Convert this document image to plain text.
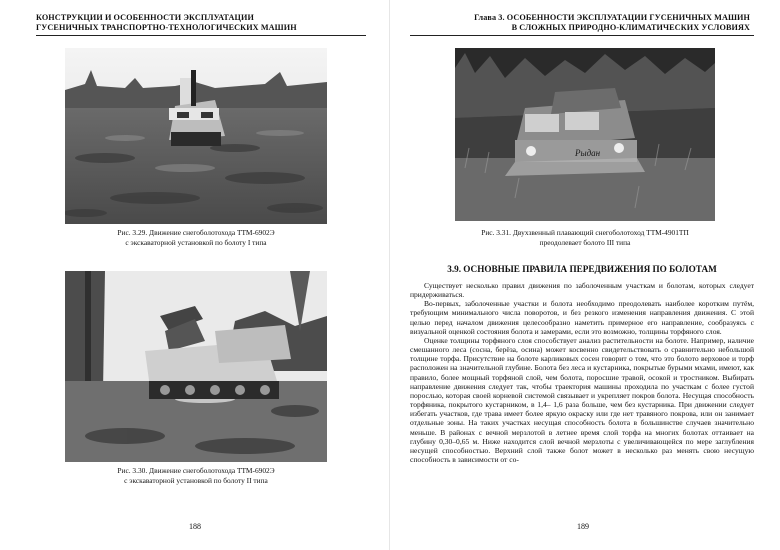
КОНСТРУКЦИИ И ОСОБЕННОСТИ ЭКСПЛУАТАЦИИ
ГУСЕНИЧНЫХ ТРАНСПОРТНО-ТЕХНОЛОГИЧЕСКИХ МАШИН
Рис. 3.29. Движение снегоболотохода ТТМ-6902Э
с экскаваторной установкой по болоту I типа
Рис. 3.30. Движение снегоболотохода ТТМ-6902Э
с экскаваторной установкой по болоту II типа
188
Глава 3. ОСОБЕННОСТИ ЭКСПЛУАТАЦИИ ГУСЕНИЧНЫХ МАШИН
В СЛОЖНЫХ ПРИРОДНО-КЛИМАТИЧЕСКИХ УСЛОВИЯХ
Рыдан
Рис. 3.31. Двухзвенный плавающий снегоболотоход ТТМ-4901ТП
преодолевает болото III типа
3.9. ОСНОВНЫЕ ПРАВИЛА ПЕРЕДВИЖЕНИЯ ПО БОЛОТАМ

Существует несколько правил движения по заболоченным участкам и болотам, которых следует придерживаться.

Во-первых, заболоченные участки и болота необходимо преодолевать наиболее коротким путём, требующим минимального числа поворотов, и без резкого изменения направления движения. С этой целью перед началом движения целесообразно наметить примерное его направление, сообразуясь с визуальной оценкой состояния болота и замерами, если это возможно, толщины торфяного слоя.

Оценке толщины торфяного слоя способствует анализ растительности на болоте. Например, наличие смешанного леса (сосна, берёза, осина) может косвенно свидетельствовать о сравнительно небольшой толщине торфа. Присутствие на болоте карликовых сосен говорит о том, что это болото верховое и торф расположен на значительной глубине. Болота без леса и кустарника, покрытые бурыми мхами, имеют, как правило, более мощный торфяной слой, чем болота, поросшие травой, осокой и тростником. Выбирать направление движения следует так, чтобы траектория машины проходила по участкам с более густой порослью, которая своей корневой системой связывает и укрепляет покров болота. Несущая способность торфяника, покрытого кустарником, в 1,4– 1,6 раза больше, чем без кустарника. При движении следует избегать участков, где трава имеет более яркую окраску или где нет травяного покрова, или он занимает отдельные зоны. На таких участках несущая способность болота в большинстве случаев значительно меньше. В районах с вечной мерзлотой в летнее время слой торфа на многих болотах оттаивает на глубину 0,30–0,65 м. Ниже находится слой вечной мерзлоты с увеличивающейся по мере заглубления несущей способностью. Верхний слой также болот может в несколько раз менять свою несущую способность в зависимости от со-

189
